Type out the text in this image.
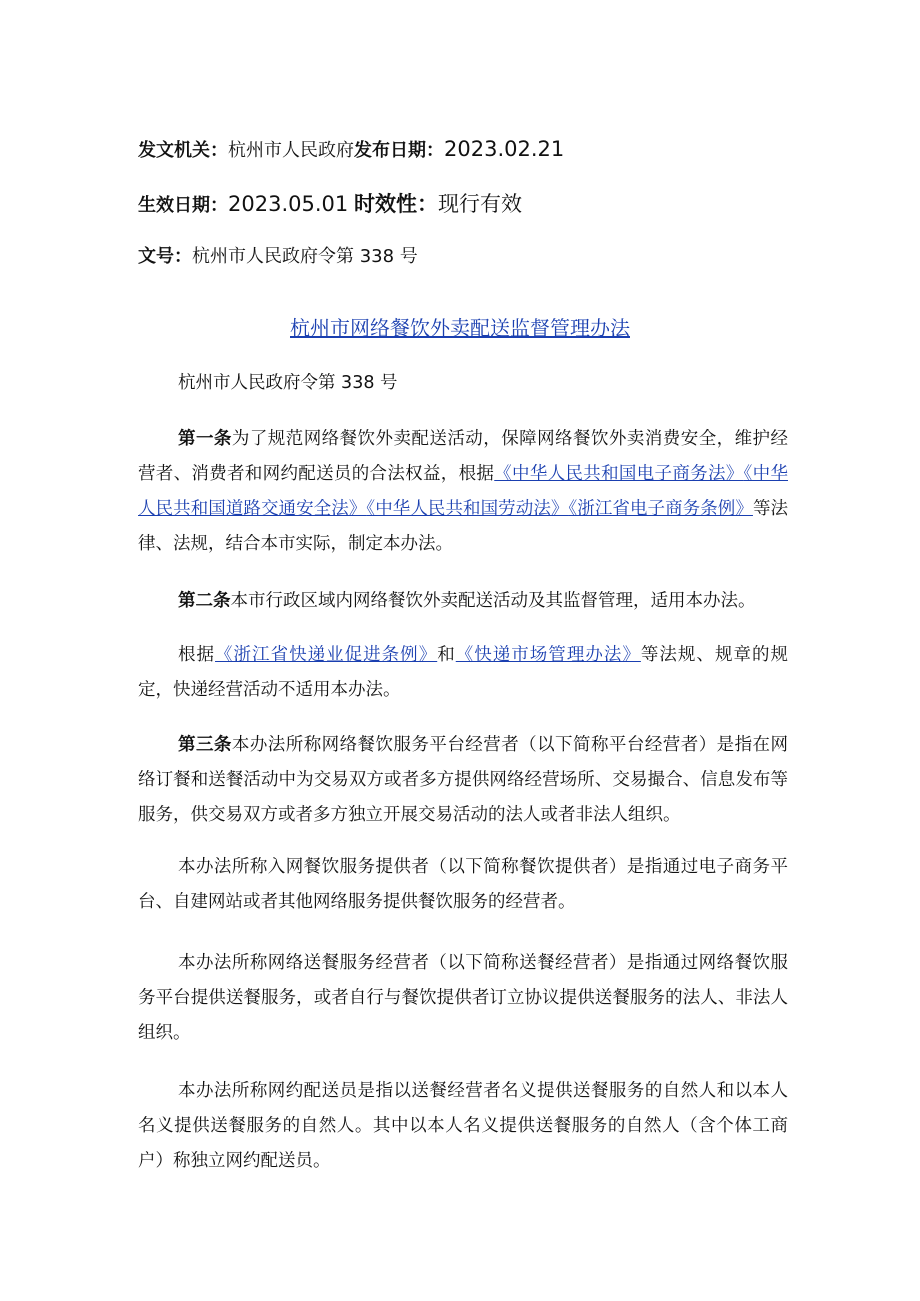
发文机关：杭州市人民政府发布日期：2023.02.21
生效日期：2023.05.01 时效性：现行有效
文号：杭州市人民政府令第 338 号
杭州市网络餐饮外卖配送监督管理办法
杭州市人民政府令第 338 号
第一条为了规范网络餐饮外卖配送活动，保障网络餐饮外卖消费安全，维护经营者、消费者和网约配送员的合法权益，根据《中华人民共和国电子商务法》《中华人民共和国道路交通安全法》《中华人民共和国劳动法》《浙江省电子商务条例》等法律、法规，结合本市实际，制定本办法。
第二条本市行政区域内网络餐饮外卖配送活动及其监督管理，适用本办法。
根据《浙江省快递业促进条例》和《快递市场管理办法》等法规、规章的规定，快递经营活动不适用本办法。
第三条本办法所称网络餐饮服务平台经营者（以下简称平台经营者）是指在网络订餐和送餐活动中为交易双方或者多方提供网络经营场所、交易撮合、信息发布等服务，供交易双方或者多方独立开展交易活动的法人或者非法人组织。
本办法所称入网餐饮服务提供者（以下简称餐饮提供者）是指通过电子商务平台、自建网站或者其他网络服务提供餐饮服务的经营者。
本办法所称网络送餐服务经营者（以下简称送餐经营者）是指通过网络餐饮服务平台提供送餐服务，或者自行与餐饮提供者订立协议提供送餐服务的法人、非法人组织。
本办法所称网约配送员是指以送餐经营者名义提供送餐服务的自然人和以本人名义提供送餐服务的自然人。其中以本人名义提供送餐服务的自然人（含个体工商户）称独立网约配送员。
